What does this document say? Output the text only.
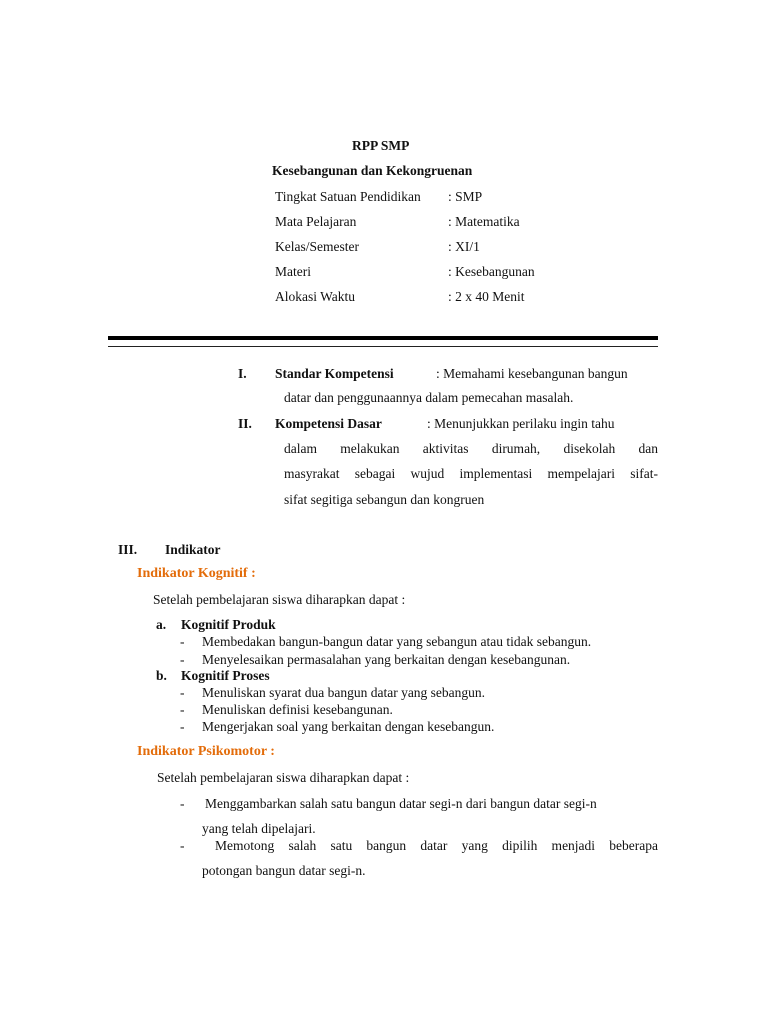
RPP SMP
Kesebangunan dan Kekongruenan
Tingkat Satuan Pendidikan : SMP
Mata Pelajaran	: Matematika
Kelas/Semester	: XI/1
Materi	: Kesebangunan
Alokasi Waktu	: 2 x 40 Menit
I. Standar Kompetensi	: Memahami kesebangunan bangun
datar dan penggunaannya dalam pemecahan masalah.
II. Kompetensi Dasar	: Menunjukkan perilaku ingin tahu
dalam melakukan aktivitas dirumah, disekolah dan
masyrakat sebagai wujud implementasi mempelajari sifat-
sifat segitiga sebangun dan kongruen
III. Indikator
Indikator Kognitif :
Setelah pembelajaran siswa diharapkan dapat :
a. Kognitif Produk
- Membedakan bangun-bangun datar yang sebangun atau tidak sebangun.
- Menyelesaikan permasalahan yang berkaitan dengan kesebangunan.
b. Kognitif Proses
- Menuliskan syarat dua bangun datar yang sebangun.
- Menuliskan definisi kesebangunan.
- Mengerjakan soal yang berkaitan dengan kesebangun.
Indikator Psikomotor :
Setelah pembelajaran siswa diharapkan dapat :
- Menggambarkan salah satu bangun datar segi-n dari bangun datar segi-n
yang telah dipelajari.
- Memotong salah satu bangun datar yang dipilih menjadi beberapa
potongan bangun datar segi-n.
